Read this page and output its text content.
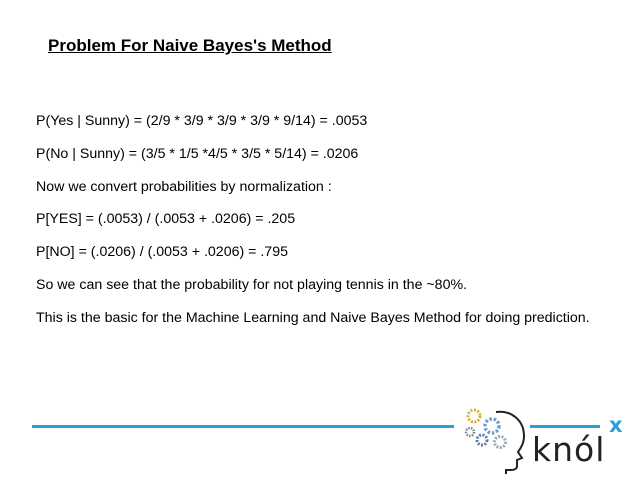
Problem For Naive Bayes's Method
P(Yes | Sunny) = (2/9 * 3/9 * 3/9 * 3/9 * 9/14) = .0053
P(No | Sunny) = (3/5 * 1/5 *4/5 * 3/5 * 5/14) = .0206
Now we convert probabilities by normalization :
P[YES] = (.0053) / (.0053 + .0206) = .205
P[NO] = (.0206) / (.0053 + .0206) = .795
So we can see that the probability for not playing tennis in the ~80%.
This is the basic for the Machine Learning and Naive Bayes Method for doing prediction.
knól
x
